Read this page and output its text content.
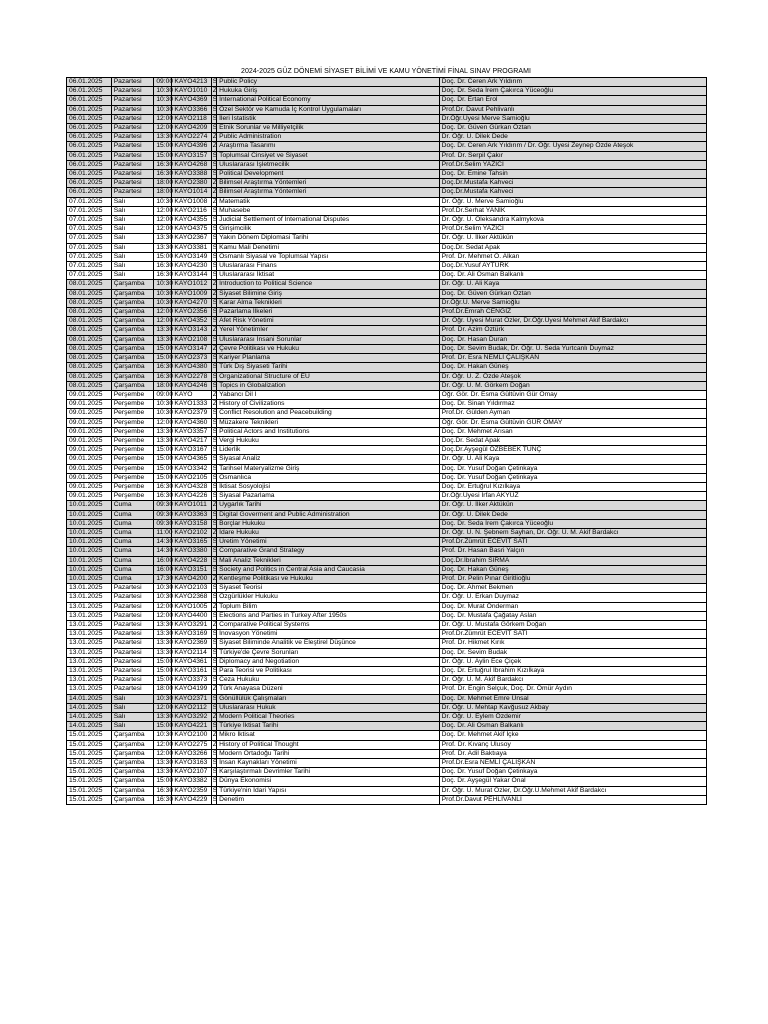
2024-2025 GÜZ DÖNEMİ SİYASET BİLİMİ VE KAMU YÖNETİMİ FİNAL SINAV PROGRAMI
06.01.2025	Pazartesi	09:00	KAYO4213	S	Public Policy	Doç. Dr. Ceren Ark Yıldırım
06.01.2025	Pazartesi	10:30	KAYO1010	Z	Hukuka Giriş	Doç. Dr. Seda İrem Çakırca Yüceoğlu
06.01.2025	Pazartesi	10:30	KAYO4369	S	International Political Economy	Doç. Dr. Ertan Erol
06.01.2025	Pazartesi	10:30	KAYO3366	S	Özel Sektör ve Kamuda İç Kontrol Uygulamaları	Prof.Dr. Davut Pehlivanlı
06.01.2025	Pazartesi	12:00	KAYO2118	S	İleri İstatistik	Dr.Öğr.Üyesi Merve Samioğlu
06.01.2025	Pazartesi	12:00	KAYO4209	S	Etnik Sorunlar ve Milliyetçilik	Doç. Dr. Güven Gürkan Öztan
06.01.2025	Pazartesi	13:30	KAYO2274	Z	Public Administration	Dr. Öğr. U. Dilek Dede
06.01.2025	Pazartesi	15:00	KAYO4396	Z	Araştırma Tasarımı	Doç. Dr. Ceren Ark Yıldırım / Dr. Öğr. Üyesi Zeynep Özde Ateşok
06.01.2025	Pazartesi	15:00	KAYO3157	S	Toplumsal Cinsiyet ve Siyaset	Prof. Dr. Serpil Çakır
06.01.2025	Pazartesi	16:30	KAYO4268	S	Uluslararası İşletmecilik	Prof.Dr.Selim YAZICI
06.01.2025	Pazartesi	16:30	KAYO3388	S	Political Development	Doç. Dr. Emine Tahsin
06.01.2025	Pazartesi	18:00	KAYO2380	Z	Bilimsel Araştırma Yöntemleri	Doç.Dr.Mustafa Kahveci
06.01.2025	Pazartesi	18:00	KAYO1014	Z	Bilimsel Araştırma Yöntemleri	Doç.Dr.Mustafa Kahveci
07.01.2025	Salı	10:30	KAYO1008	Z	Matematik	Dr. Öğr. U. Merve Samioğlu
07.01.2025	Salı	12:00	KAYO2116	S	Muhasebe	Prof.Dr.Serhat YANIK
07.01.2025	Salı	12:00	KAYO4355	S	Judicial Settlement of International Disputes	Dr. Öğr. U. Oleksandra Kalmykova
07.01.2025	Salı	12:00	KAYO4375	S	Girişimcilik	Prof.Dr.Selim YAZICI
07.01.2025	Salı	13:30	KAYO2367	S	Yakın Dönem Diplomasi Tarihi	Dr. Öğr. U. İlker Aktükün
07.01.2025	Salı	13:30	KAYO3381	S	Kamu Mali Denetimi	Doç.Dr. Sedat Apak
07.01.2025	Salı	15:00	KAYO3149	S	Osmanlı Siyasal ve Toplumsal Yapısı	Prof. Dr. Mehmet Ö. Alkan
07.01.2025	Salı	16:30	KAYO4230	S	Uluslararası Finans	Doç.Dr.Yusuf AYTÜRK
07.01.2025	Salı	16:30	KAYO3144	S	Uluslararası İktisat	Doç. Dr. Ali Osman Balkanlı
08.01.2025	Çarşamba	10:30	KAYO1012	Z	Introduction to Political Science	Dr. Öğr. U. Ali Kaya
08.01.2025	Çarşamba	10:30	KAYO1009	Z	Siyaset Bilimine Giriş	Doç. Dr. Güven Gürkan Öztan
08.01.2025	Çarşamba	10:30	KAYO4270	S	Karar Alma Teknikleri	Dr.Öğr.U. Merve Samioğlu
08.01.2025	Çarşamba	12:00	KAYO2356	S	Pazarlama İlkeleri	Prof.Dr.Emrah CENGİZ
08.01.2025	Çarşamba	12:00	KAYO4352	S	Afet Risk Yönetimi	Dr. Öğr. Üyesi Murat Özler, Dr.Öğr.Üyesi Mehmet Akif Bardakcı
08.01.2025	Çarşamba	13:30	KAYO3143	Z	Yerel Yönetimler	Prof. Dr. Azim Öztürk
08.01.2025	Çarşamba	13:30	KAYO2108	S	Uluslararası İnsani Sorunlar	Doç. Dr. Hasan Duran
08.01.2025	Çarşamba	15:00	KAYO3147	Z	Çevre Politikası ve Hukuku	Doç. Dr. Sevim Budak, Dr. Öğr. Ü. Seda Yurtcanlı Duymaz
08.01.2025	Çarşamba	15:00	KAYO2373	S	Kariyer Planlama	Prof. Dr. Esra NEMLİ ÇALIŞKAN
08.01.2025	Çarşamba	16:30	KAYO4380	S	Türk Dış Siyaseti Tarihi	Doç. Dr. Hakan Güneş
08.01.2025	Çarşamba	16:30	KAYO2278	S	Organizational Structure of EU	Dr. Öğr. U. Z. Özde Ateşok
08.01.2025	Çarşamba	18:00	KAYO4246	S	Topics in Globalization	Dr. Öğr. U. M. Görkem Doğan
09.01.2025	Perşembe	09:00	KAYO	Z	Yabancı Dil I	Öğr. Gör. Dr. Esma Gültüvin Gür Omay
09.01.2025	Perşembe	10:30	KAYO1333	Z	History of Civilizations	Doç. Dr. Sinan Yıldırmaz
09.01.2025	Perşembe	10:30	KAYO2379	S	Conflict Resolution and Peacebuilding	Prof.Dr. Gülden Ayman
09.01.2025	Perşembe	12:00	KAYO4360	S	Müzakere Teknikleri	Öğr. Gör. Dr. Esma Gültüvin GÜR OMAY
09.01.2025	Perşembe	13:30	KAYO3357	S	Political Actors and Institutions	Doç. Dr. Mehmet Arısan
09.01.2025	Perşembe	13:30	KAYO4217	S	Vergi Hukuku	Doç.Dr. Sedat Apak
09.01.2025	Perşembe	15:00	KAYO3167	S	Liderlik	Doç.Dr.Ayşegül ÖZBEBEK TUNÇ
09.01.2025	Perşembe	15:00	KAYO4365	S	Siyasal Analiz	Dr. Öğr. U. Ali Kaya
09.01.2025	Perşembe	15:00	KAYO3342	S	Tarihsel Materyalizme Giriş	Doç. Dr. Yusuf Doğan Çetinkaya
09.01.2025	Perşembe	15:00	KAYO2105	S	Osmanlıca	Doç. Dr. Yusuf Doğan Çetinkaya
09.01.2025	Perşembe	16:30	KAYO4328	S	İktisat Sosyolojisi	Doç. Dr. Ertuğrul Kızılkaya
09.01.2025	Perşembe	16:30	KAYO4226	S	Siyasal Pazarlama	Dr.Öğr.Üyesi İrfan AKYÜZ
10.01.2025	Cuma	09:30	KAYO1011	Z	Uygarlık Tarihi	Dr. Öğr. U. İlker Aktükün
10.01.2025	Cuma	09:30	KAYO3363	S	Digital Goverment and Public Administration	Dr. Öğr. U. Dilek Dede
10.01.2025	Cuma	09:30	KAYO3158	S	Borçlar Hukuku	Doç. Dr. Seda İrem Çakırca Yüceoğlu
10.01.2025	Cuma	11:00	KAYO2102	Z	İdare Hukuku	Dr. Öğr. U. N. Şebnem Sayhan, Dr. Öğr. Ü. M. Akif Bardakcı
10.01.2025	Cuma	14:30	KAYO3165	S	Üretim Yönetimi	Prof.Dr.Zümrüt ECEVİT SATI
10.01.2025	Cuma	14:30	KAYO3380	S	Comparative Grand Strategy	Prof. Dr. Hasan Basri Yalçın
10.01.2025	Cuma	16:00	KAYO4228	S	Mali Analiz Teknikleri	Doç.Dr.İbrahim SIRMA
10.01.2025	Cuma	16:00	KAYO3151	S	Society and Politics in Central Asia and Caucasia	Doç. Dr. Hakan Güneş
10.01.2025	Cuma	17:30	KAYO4200	Z	Kentleşme Politikası ve Hukuku	Prof. Dr. Pelin Pınar Giritlioğlu
13.01.2025	Pazartesi	10:30	KAYO2103	S	Siyaset Teorisi	Doç. Dr. Ahmet Bekmen
13.01.2025	Pazartesi	10:30	KAYO2368	S	Özgürlükler Hukuku	Dr. Öğr. U. Erkan Duymaz
13.01.2025	Pazartesi	12:00	KAYO1005	Z	Toplum Bilim	Doç. Dr. Murat Önderman
13.01.2025	Pazartesi	12:00	KAYO4400	S	Elections and Parties in Turkey After 1950s	Doç. Dr. Mustafa Çağatay Aslan
13.01.2025	Pazartesi	13:30	KAYO3291	Z	Comparative Political Systems	Dr. Öğr. U. Mustafa Görkem Doğan
13.01.2025	Pazartesi	13:30	KAYO3169	S	İnovasyon Yönetimi	Prof.Dr.Zümrüt ECEVİT SATI
13.01.2025	Pazartesi	13:30	KAYO2369	S	Siyaset Biliminde Analitik ve Eleştirel Düşünce	Prof. Dr. Hikmet Kırık
13.01.2025	Pazartesi	13:30	KAYO2114	S	Türkiye'de Çevre Sorunları	Doç. Dr. Sevim Budak
13.01.2025	Pazartesi	15:00	KAYO4361	S	Diplomacy and Negotiation	Dr. Öğr. U. Aylin Ece Çiçek
13.01.2025	Pazartesi	15:00	KAYO3161	S	Para Teorisi ve Politikası	Doç. Dr. Ertuğrul İbrahim Kızılkaya
13.01.2025	Pazartesi	15:00	KAYO3373	S	Ceza Hukuku	Dr. Öğr. U. M. Akif Bardakcı
13.01.2025	Pazartesi	18:00	KAYO4199	Z	Türk Anayasa Düzeni	Prof. Dr. Engin Selçuk, Doç. Dr. Ömür Aydın
14.01.2025	Salı	10:30	KAYO2371	S	Gönüllülük Çalışmaları	Doç. Dr. Mehmet Emre Ünsal
14.01.2025	Salı	12:00	KAYO2112	S	Uluslararası Hukuk	Dr. Öğr. U. Mehtap Kavğusuz Akbay
14.01.2025	Salı	13:30	KAYO3292	Z	Modern Political Theories	Dr. Öğr. U. Eylem Özdemir
14.01.2025	Salı	15:00	KAYO4221	S	Türkiye İktisat Tarihi	Doç. Dr. Ali Osman Balkanlı
15.01.2025	Çarşamba	10:30	KAYO2100	Z	Mikro İktisat	Doç. Dr. Mehmet Akif İçke
15.01.2025	Çarşamba	12:00	KAYO2275	Z	History of Political Thought	Prof. Dr. Kıvanç Ulusoy
15.01.2025	Çarşamba	12:00	KAYO3266	S	Modern Ortadoğu Tarihi	Prof. Dr. Adil Baktıaya
15.01.2025	Çarşamba	13:30	KAYO3163	S	İnsan Kaynakları Yönetimi	Prof.Dr.Esra NEMLİ ÇALIŞKAN
15.01.2025	Çarşamba	13:30	KAYO2107	S	Karşılaştırmalı Devrimler Tarihi	Doç. Dr. Yusuf Doğan Çetinkaya
15.01.2025	Çarşamba	15:00	KAYO3382	S	Dünya Ekonomisi	Doç. Dr. Ayşegül Yakar Önal
15.01.2025	Çarşamba	16:30	KAYO2359	S	Türkiye'nin İdari Yapısı	Dr. Öğr. U. Murat Özler, Dr.Öğr.U.Mehmet Akif Bardakcı
15.01.2025	Çarşamba	16:30	KAYO4229	S	Denetim	Prof.Dr.Davut PEHLİVANLI
